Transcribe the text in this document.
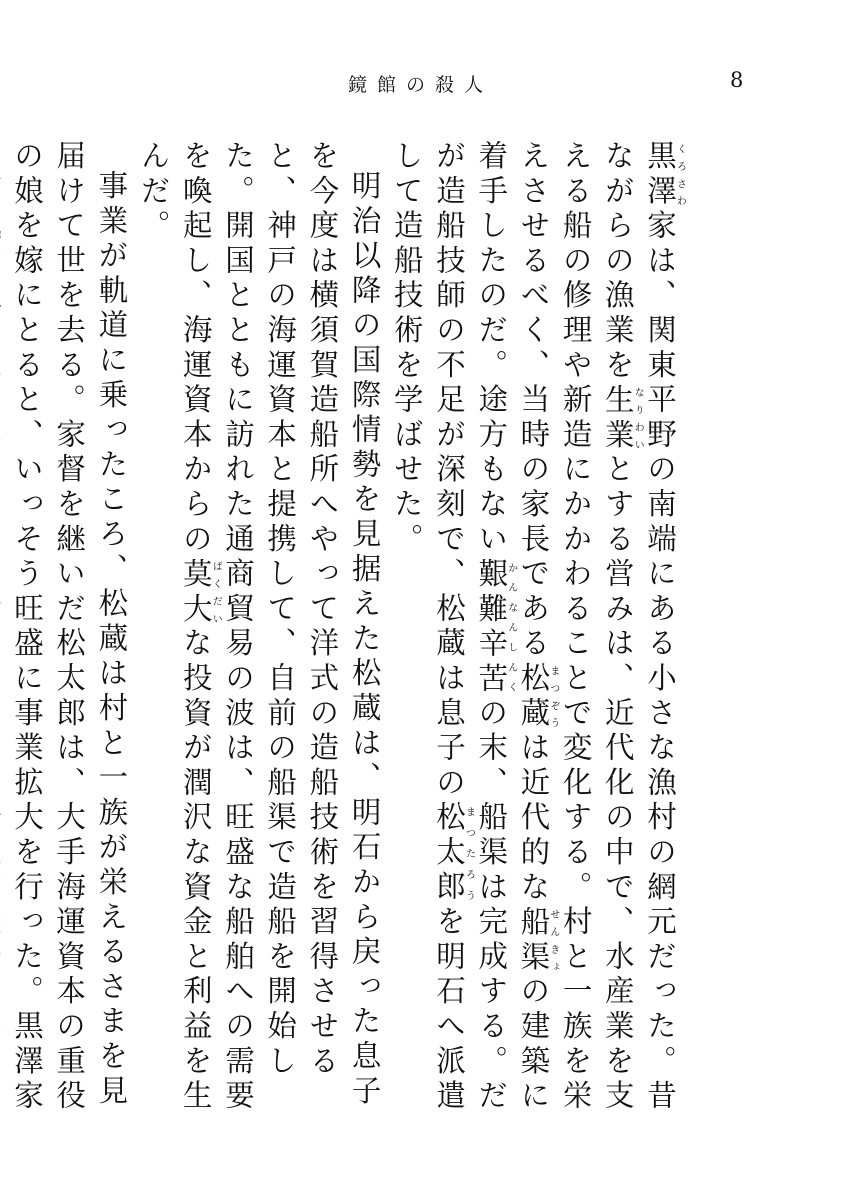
鏡館の殺人	8

黒澤くろさわ家は、関東平野の南端にある小さな漁村の網元だった。昔ながらの漁業を生業なりわいとする営みは、近代化の中で、水産業を支える船の修理や新造にかかわることで変化する。村と一族を栄えさせるべく、当時の家長である松蔵まつぞうは近代的な船渠せんきょの建築に着手したのだ。途方もない艱難辛苦かんなんしんくの末、船渠は完成する。だが造船技師の不足が深刻で、松蔵は息子の松太郎まつたろうを明石へ派遣して造船技術を学ばせた。

明治以降の国際情勢を見据えた松蔵は、明石から戻った息子を今度は横須賀造船所へやって洋式の造船技術を習得させると、神戸の海運資本と提携して、自前の船渠で造船を開始した。開国とともに訪れた通商貿易の波は、旺盛な船舶への需要を喚起し、海運資本からの莫大ばくだいな投資が潤沢な資金と利益を生んだ。

事業が軌道に乗ったころ、松蔵は村と一族が栄えるさまを見届けて世を去る。家督を継いだ松太郎は、大手海運資本の重役の娘を嫁にとると、いっそう旺盛に事業拡大を行った。黒澤家
